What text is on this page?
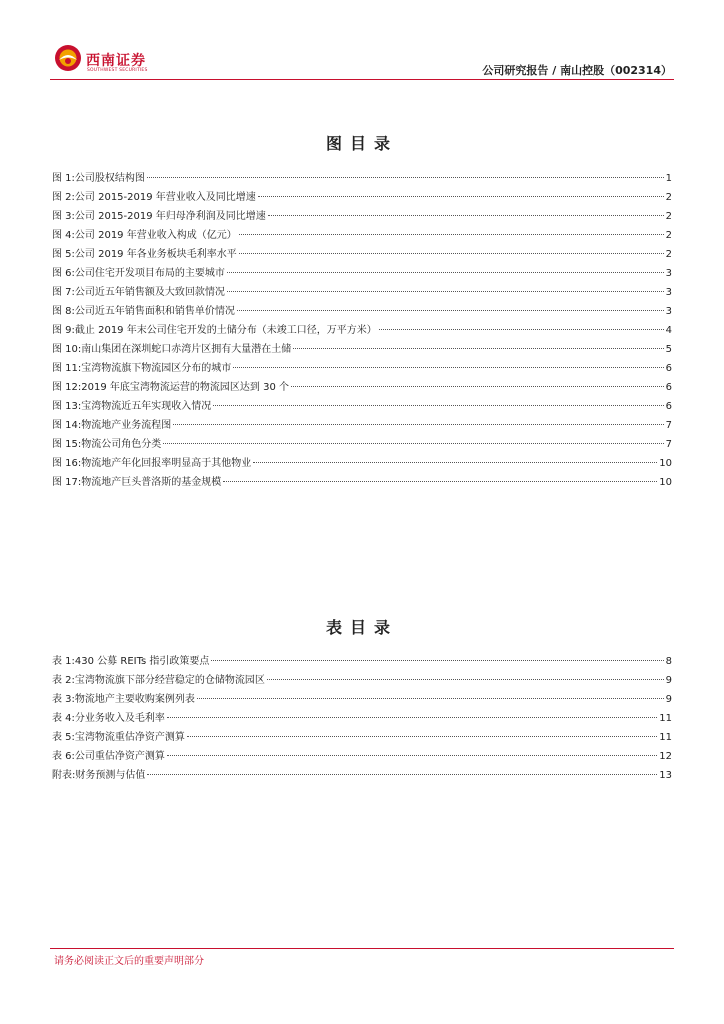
西南证券
SOUTHWEST SECURITIES	公司研究报告 / 南山控股（002314）
图目录
图 1: 公司股权结构图	1
图 2: 公司 2015-2019 年营业收入及同比增速	2
图 3: 公司 2015-2019 年归母净利润及同比增速	2
图 4: 公司 2019 年营业收入构成（亿元）	2
图 5: 公司 2019 年各业务板块毛利率水平	2
图 6: 公司住宅开发项目布局的主要城市	3
图 7: 公司近五年销售额及大致回款情况	3
图 8: 公司近五年销售面积和销售单价情况	3
图 9: 截止 2019 年末公司住宅开发的土储分布（未竣工口径，万平方米）	4
图 10: 南山集团在深圳蛇口赤湾片区拥有大量潜在土储	5
图 11: 宝湾物流旗下物流园区分布的城市	6
图 12: 2019 年底宝湾物流运营的物流园区达到 30 个	6
图 13: 宝湾物流近五年实现收入情况	6
图 14: 物流地产业务流程图	7
图 15: 物流公司角色分类	7
图 16: 物流地产年化回报率明显高于其他物业	10
图 17: 物流地产巨头普洛斯的基金规模	10
表目录
表 1: 430 公募 REITs 指引政策要点	8
表 2: 宝湾物流旗下部分经营稳定的仓储物流园区	9
表 3: 物流地产主要收购案例列表	9
表 4: 分业务收入及毛利率	11
表 5: 宝湾物流重估净资产测算	11
表 6: 公司重估净资产测算	12
附表: 财务预测与估值	13
请务必阅读正文后的重要声明部分
